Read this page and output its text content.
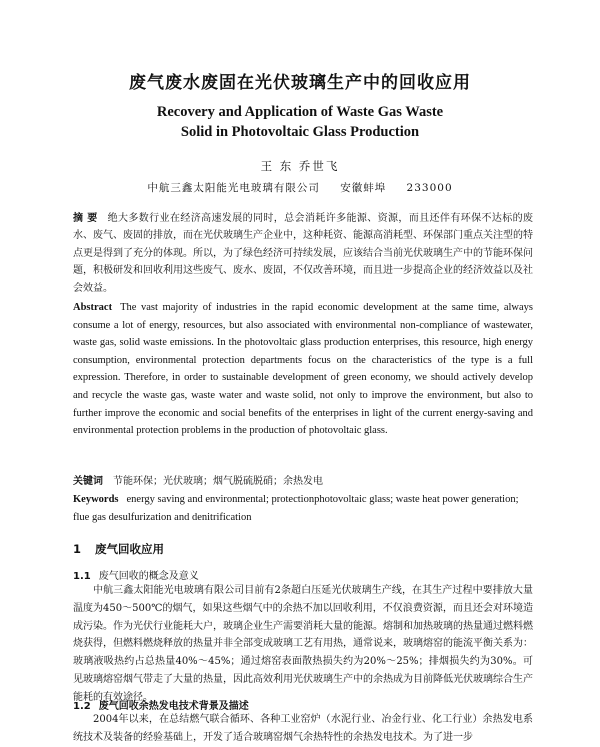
废气废水废固在光伏玻璃生产中的回收应用
Recovery and Application of Waste Gas Waste
Solid in Photovoltaic Glass Production
王 东 乔世飞
中航三鑫太阳能光电玻璃有限公司 安徽蚌埠 233000
摘 要 绝大多数行业在经济高速发展的同时，总会消耗许多能源、资源，而且还伴有环保不达标的废水、废气、废固的排放，而在光伏玻璃生产企业中，这种耗资、能源高消耗型、环保部门重点关注型的特点更是得到了充分的体现。所以，为了绿色经济可持续发展，应该结合当前光伏玻璃生产中的节能环保问题，积极研发和回收利用这些废气、废水、废固，不仅改善环境，而且进一步提高企业的经济效益以及社会效益。
Abstract The vast majority of industries in the rapid economic development at the same time, always consume a lot of energy, resources, but also associated with environmental non-compliance of wastewater, waste gas, solid waste emissions. In the photovoltaic glass production enterprises, this resource, high energy consumption, environmental protection departments focus on the characteristics of the type is a full expression. Therefore, in order to sustainable development of green economy, we should actively develop and recycle the waste gas, waste water and waste solid, not only to improve the environment, but also to further improve the economic and social benefits of the enterprises in light of the current energy-saving and environmental protection problems in the production of photovoltaic glass.
关键词 节能环保；光伏玻璃；烟气脱硫脱硝；余热发电
Keywords energy saving and environmental; protectionphotovoltaic glass; waste heat power generation; flue gas desulfurization and denitrification
1 废气回收应用
1.1 废气回收的概念及意义
中航三鑫太阳能光电玻璃有限公司目前有2条超白压延光伏玻璃生产线，在其生产过程中要排放大量温度为450～500℃的烟气，如果这些烟气中的余热不加以回收利用，不仅浪费资源，而且还会对环境造成污染。作为光伏行业能耗大户，玻璃企业生产需要消耗大量的能源。熔制和加热玻璃的热量通过燃料燃烧获得，但燃料燃烧释放的热量并非全部变成玻璃工艺有用热，通常说来，玻璃熔窑的能流平衡关系为：玻璃液吸热约占总热量40%～45%；通过熔窑表面散热损失约为20%～25%；排烟损失约为30%。可见玻璃熔窑烟气带走了大量的热量，因此高效利用光伏玻璃生产中的余热成为目前降低光伏玻璃综合生产能耗的有效途径。
1.2 废气回收余热发电技术背景及描述
2004年以来，在总结燃气联合循环、各种工业窑炉（水泥行业、冶金行业、化工行业）余热发电系统技术及装备的经验基础上，开发了适合玻璃窑烟气余热特性的余热发电技术。为了进一步
